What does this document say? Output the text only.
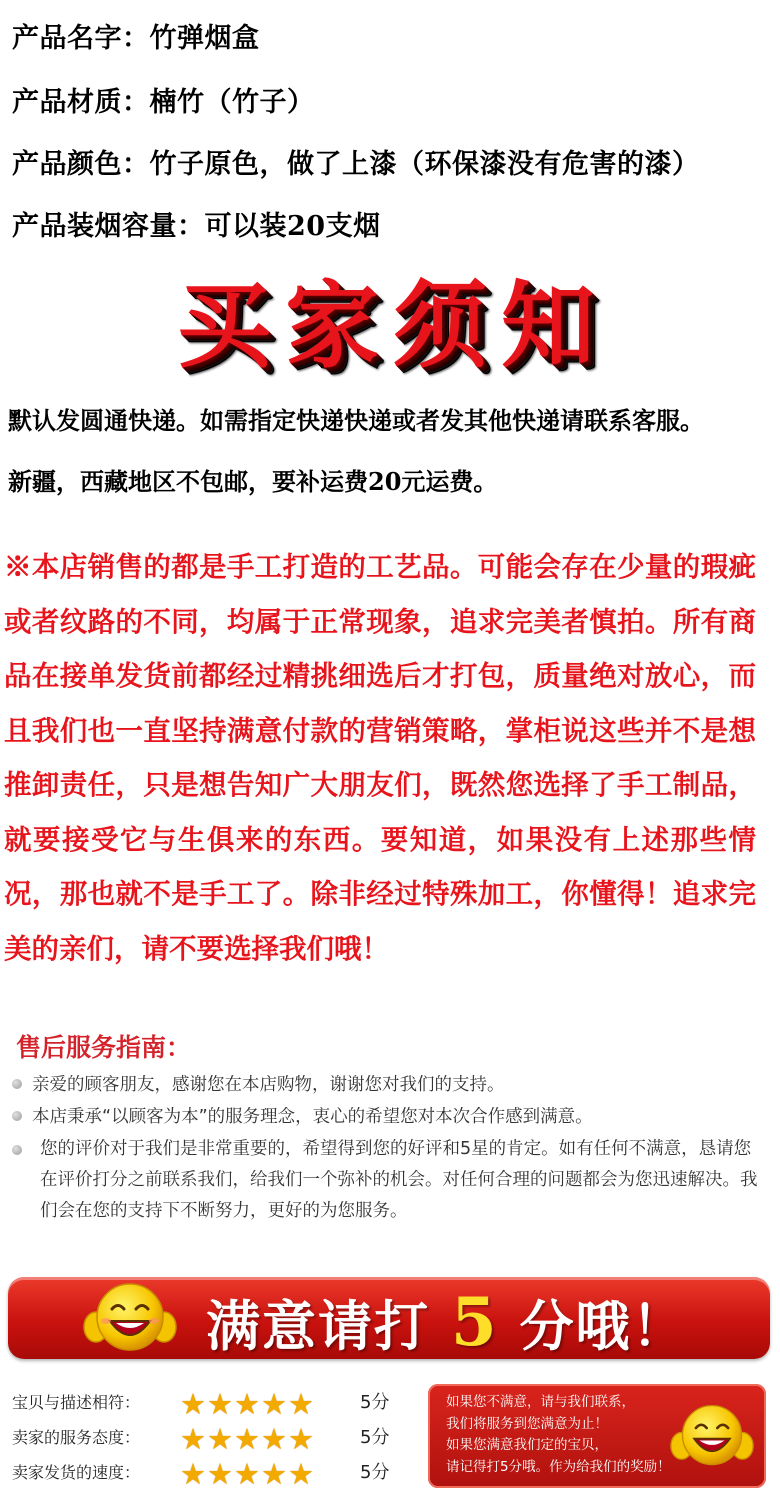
产品名字：竹弹烟盒
产品材质：楠竹（竹子）
产品颜色：竹子原色，做了上漆（环保漆没有危害的漆）
产品装烟容量：可以装20支烟
买家须知
默认发圆通快递。如需指定快递快递或者发其他快递请联系客服。
新疆，西藏地区不包邮，要补运费20元运费。
※本店销售的都是手工打造的工艺品。可能会存在少量的瑕疵或者纹路的不同，均属于正常现象，追求完美者慎拍。所有商品在接单发货前都经过精挑细选后才打包，质量绝对放心，而且我们也一直坚持满意付款的营销策略，掌柜说这些并不是想推卸责任，只是想告知广大朋友们，既然您选择了手工制品，就要接受它与生俱来的东西。要知道，如果没有上述那些情况，那也就不是手工了。除非经过特殊加工，你懂得！追求完美的亲们，请不要选择我们哦！
售后服务指南：
亲爱的顾客朋友，感谢您在本店购物，谢谢您对我们的支持。
本店秉承“以顾客为本”的服务理念，衷心的希望您对本次合作感到满意。
您的评价对于我们是非常重要的，希望得到您的好评和5星的肯定。如有任何不满意，恳请您在评价打分之前联系我们，给我们一个弥补的机会。对任何合理的问题都会为您迅速解决。我们会在您的支持下不断努力，更好的为您服务。
满意请打 5 分哦！
宝贝与描述相符： ★★★★★	5分
卖家的服务态度： ★★★★★	5分
卖家发货的速度： ★★★★★	5分
如果您不满意，请与我们联系，
我们将服务到您满意为止！
如果您满意我们定的宝贝，
请记得打5分哦。作为给我们的奖励！
